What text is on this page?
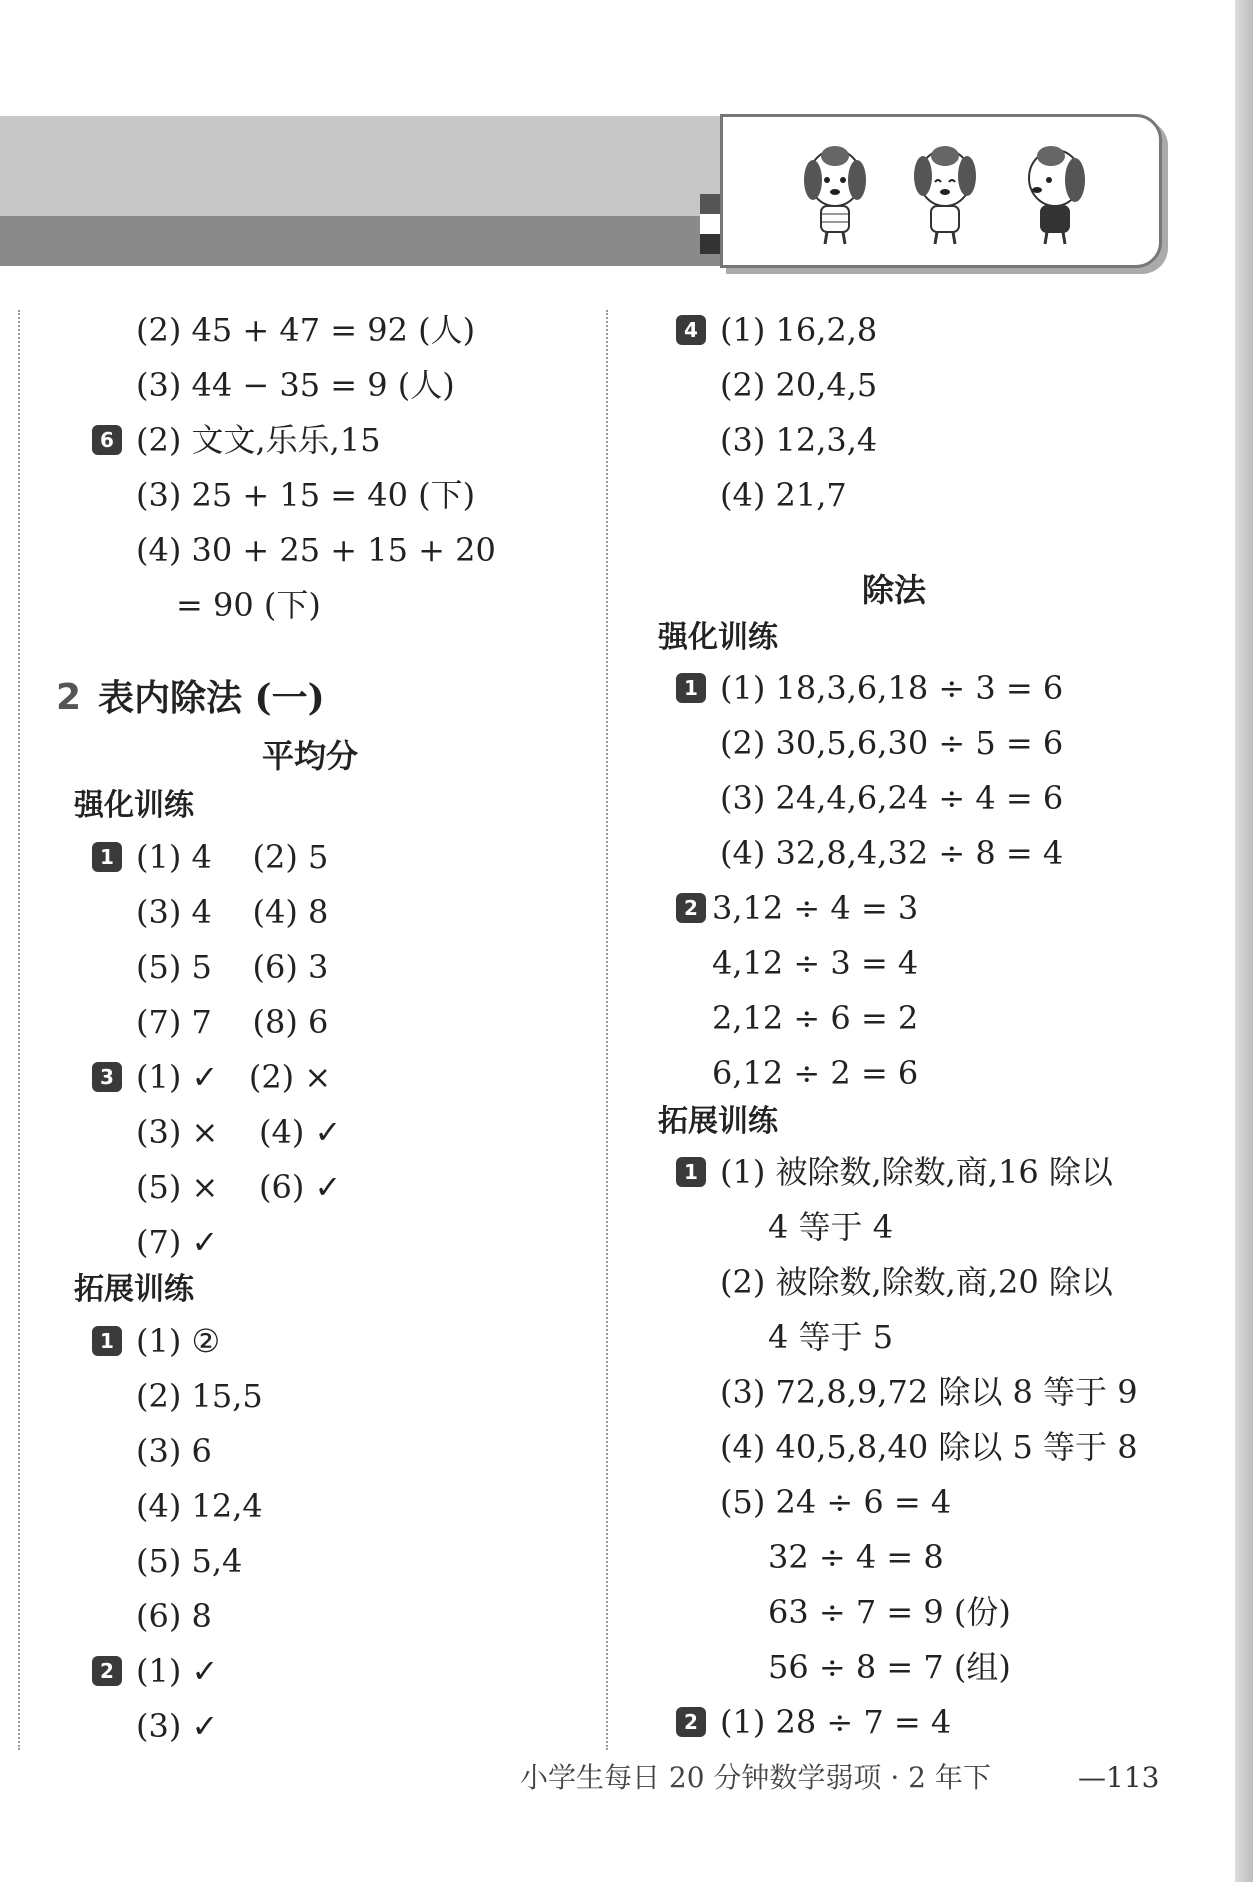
(2) 45 + 47 = 92 (人)
(3) 44 − 35 = 9 (人)
6 (2) 文文,乐乐,15
(3) 25 + 15 = 40 (下)
(4) 30 + 25 + 15 + 20
= 90 (下)
2 表内除法 (一)
平均分
强化训练
1 (1) 4    (2) 5
(3) 4    (4) 8
(5) 5    (6) 3
(7) 7    (8) 6
3 (1) ✓   (2) ×
(3) ×    (4) ✓
(5) ×    (6) ✓
(7) ✓
拓展训练
1 (1) ②
(2) 15,5
(3) 6
(4) 12,4
(5) 5,4
(6) 8
2 (1) ✓
(3) ✓
4 (1) 16,2,8
(2) 20,4,5
(3) 12,3,4
(4) 21,7
除法
强化训练
1 (1) 18,3,6,18 ÷ 3 = 6
(2) 30,5,6,30 ÷ 5 = 6
(3) 24,4,6,24 ÷ 4 = 6
(4) 32,8,4,32 ÷ 8 = 4
2 3,12 ÷ 4 = 3
4,12 ÷ 3 = 4
2,12 ÷ 6 = 2
6,12 ÷ 2 = 6
拓展训练
1 (1) 被除数,除数,商,16 除以
4 等于 4
(2) 被除数,除数,商,20 除以
4 等于 5
(3) 72,8,9,72 除以 8 等于 9
(4) 40,5,8,40 除以 5 等于 8
(5) 24 ÷ 6 = 4
32 ÷ 4 = 8
63 ÷ 7 = 9 (份)
56 ÷ 8 = 7 (组)
2 (1) 28 ÷ 7 = 4
小学生每日 20 分钟数学弱项 · 2 年下	—113
